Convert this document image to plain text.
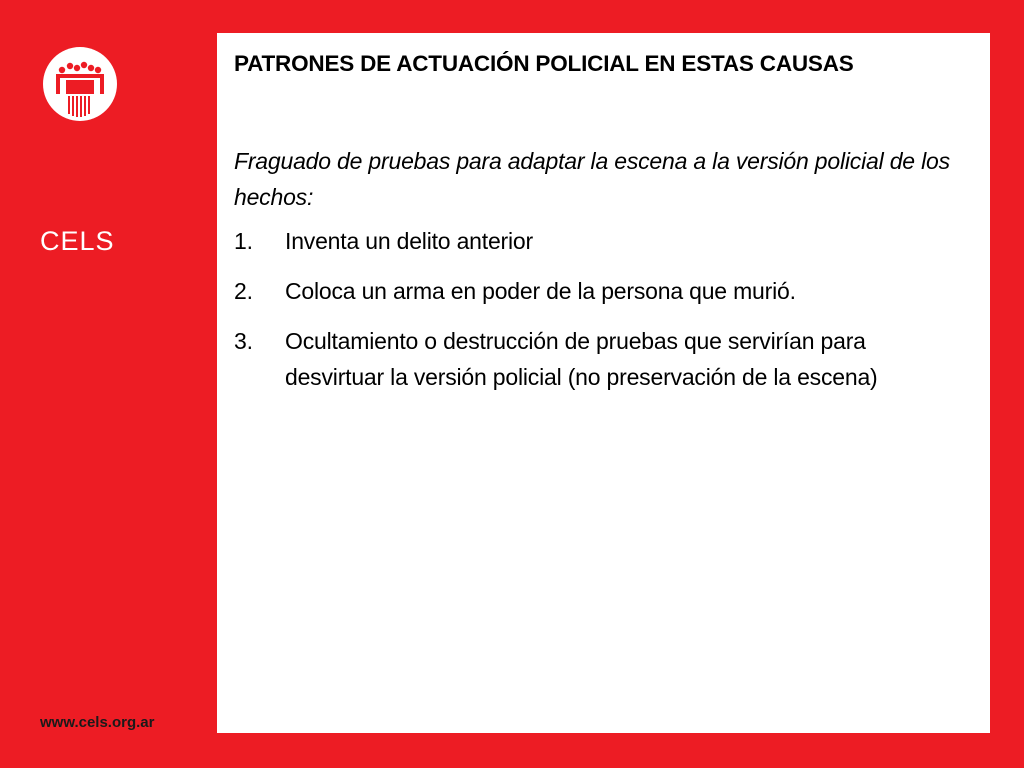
CELS
www.cels.org.ar
PATRONES DE ACTUACIÓN POLICIAL EN ESTAS CAUSAS

Fraguado de pruebas para adaptar la escena a la versión policial de los hechos:

1.	Inventa un delito anterior
2.	Coloca un arma en poder de la persona que murió.
3.	Ocultamiento o destrucción de pruebas que servirían para desvirtuar la versión policial (no preservación de la escena)
